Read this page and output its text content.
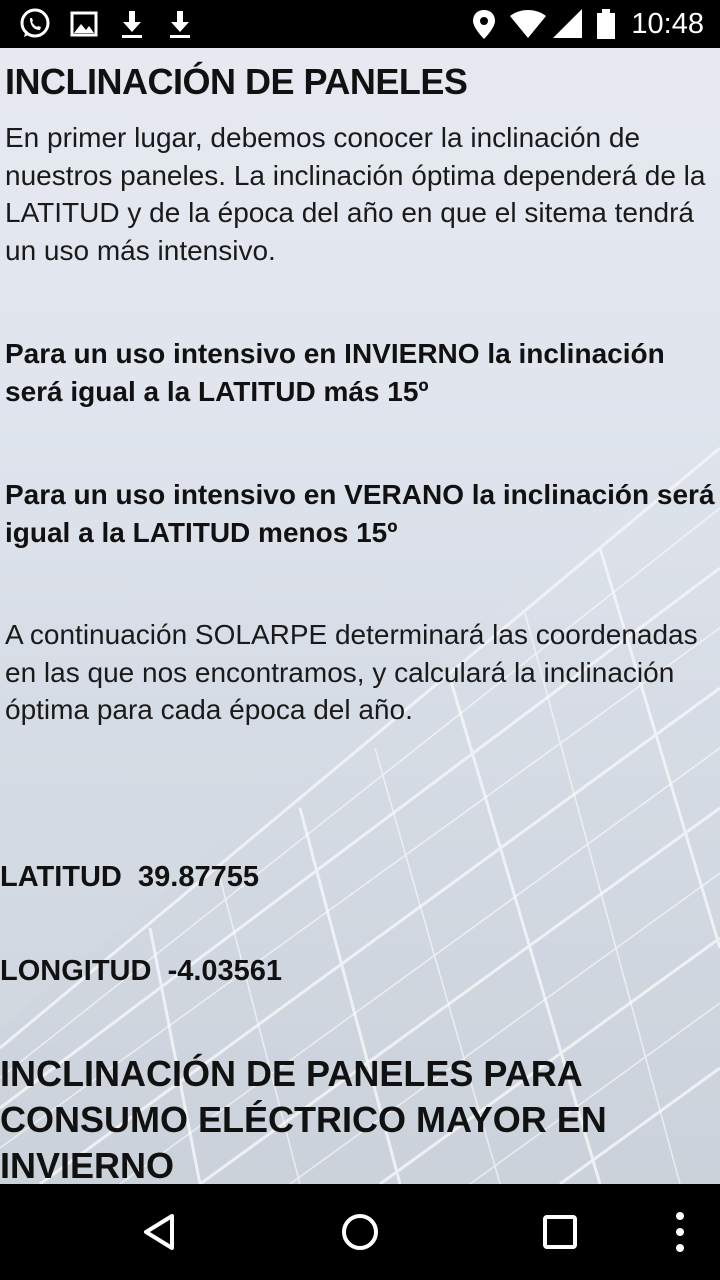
10:48
INCLINACIÓN DE PANELES

En primer lugar, debemos conocer la inclinación de nuestros paneles. La inclinación óptima dependerá de la LATITUD y de la época del año en que el sitema tendrá un uso más intensivo.

Para un uso intensivo en INVIERNO la inclinación será igual a la LATITUD más 15º

Para un uso intensivo en VERANO la inclinación será igual a la LATITUD menos 15º

A continuación SOLARPE determinará las coordenadas en las que nos encontramos, y calculará la inclinación óptima para cada época del año.

LATITUD 39.87755

LONGITUD -4.03561

INCLINACIÓN DE PANELES PARA CONSUMO ELÉCTRICO MAYOR EN INVIERNO
